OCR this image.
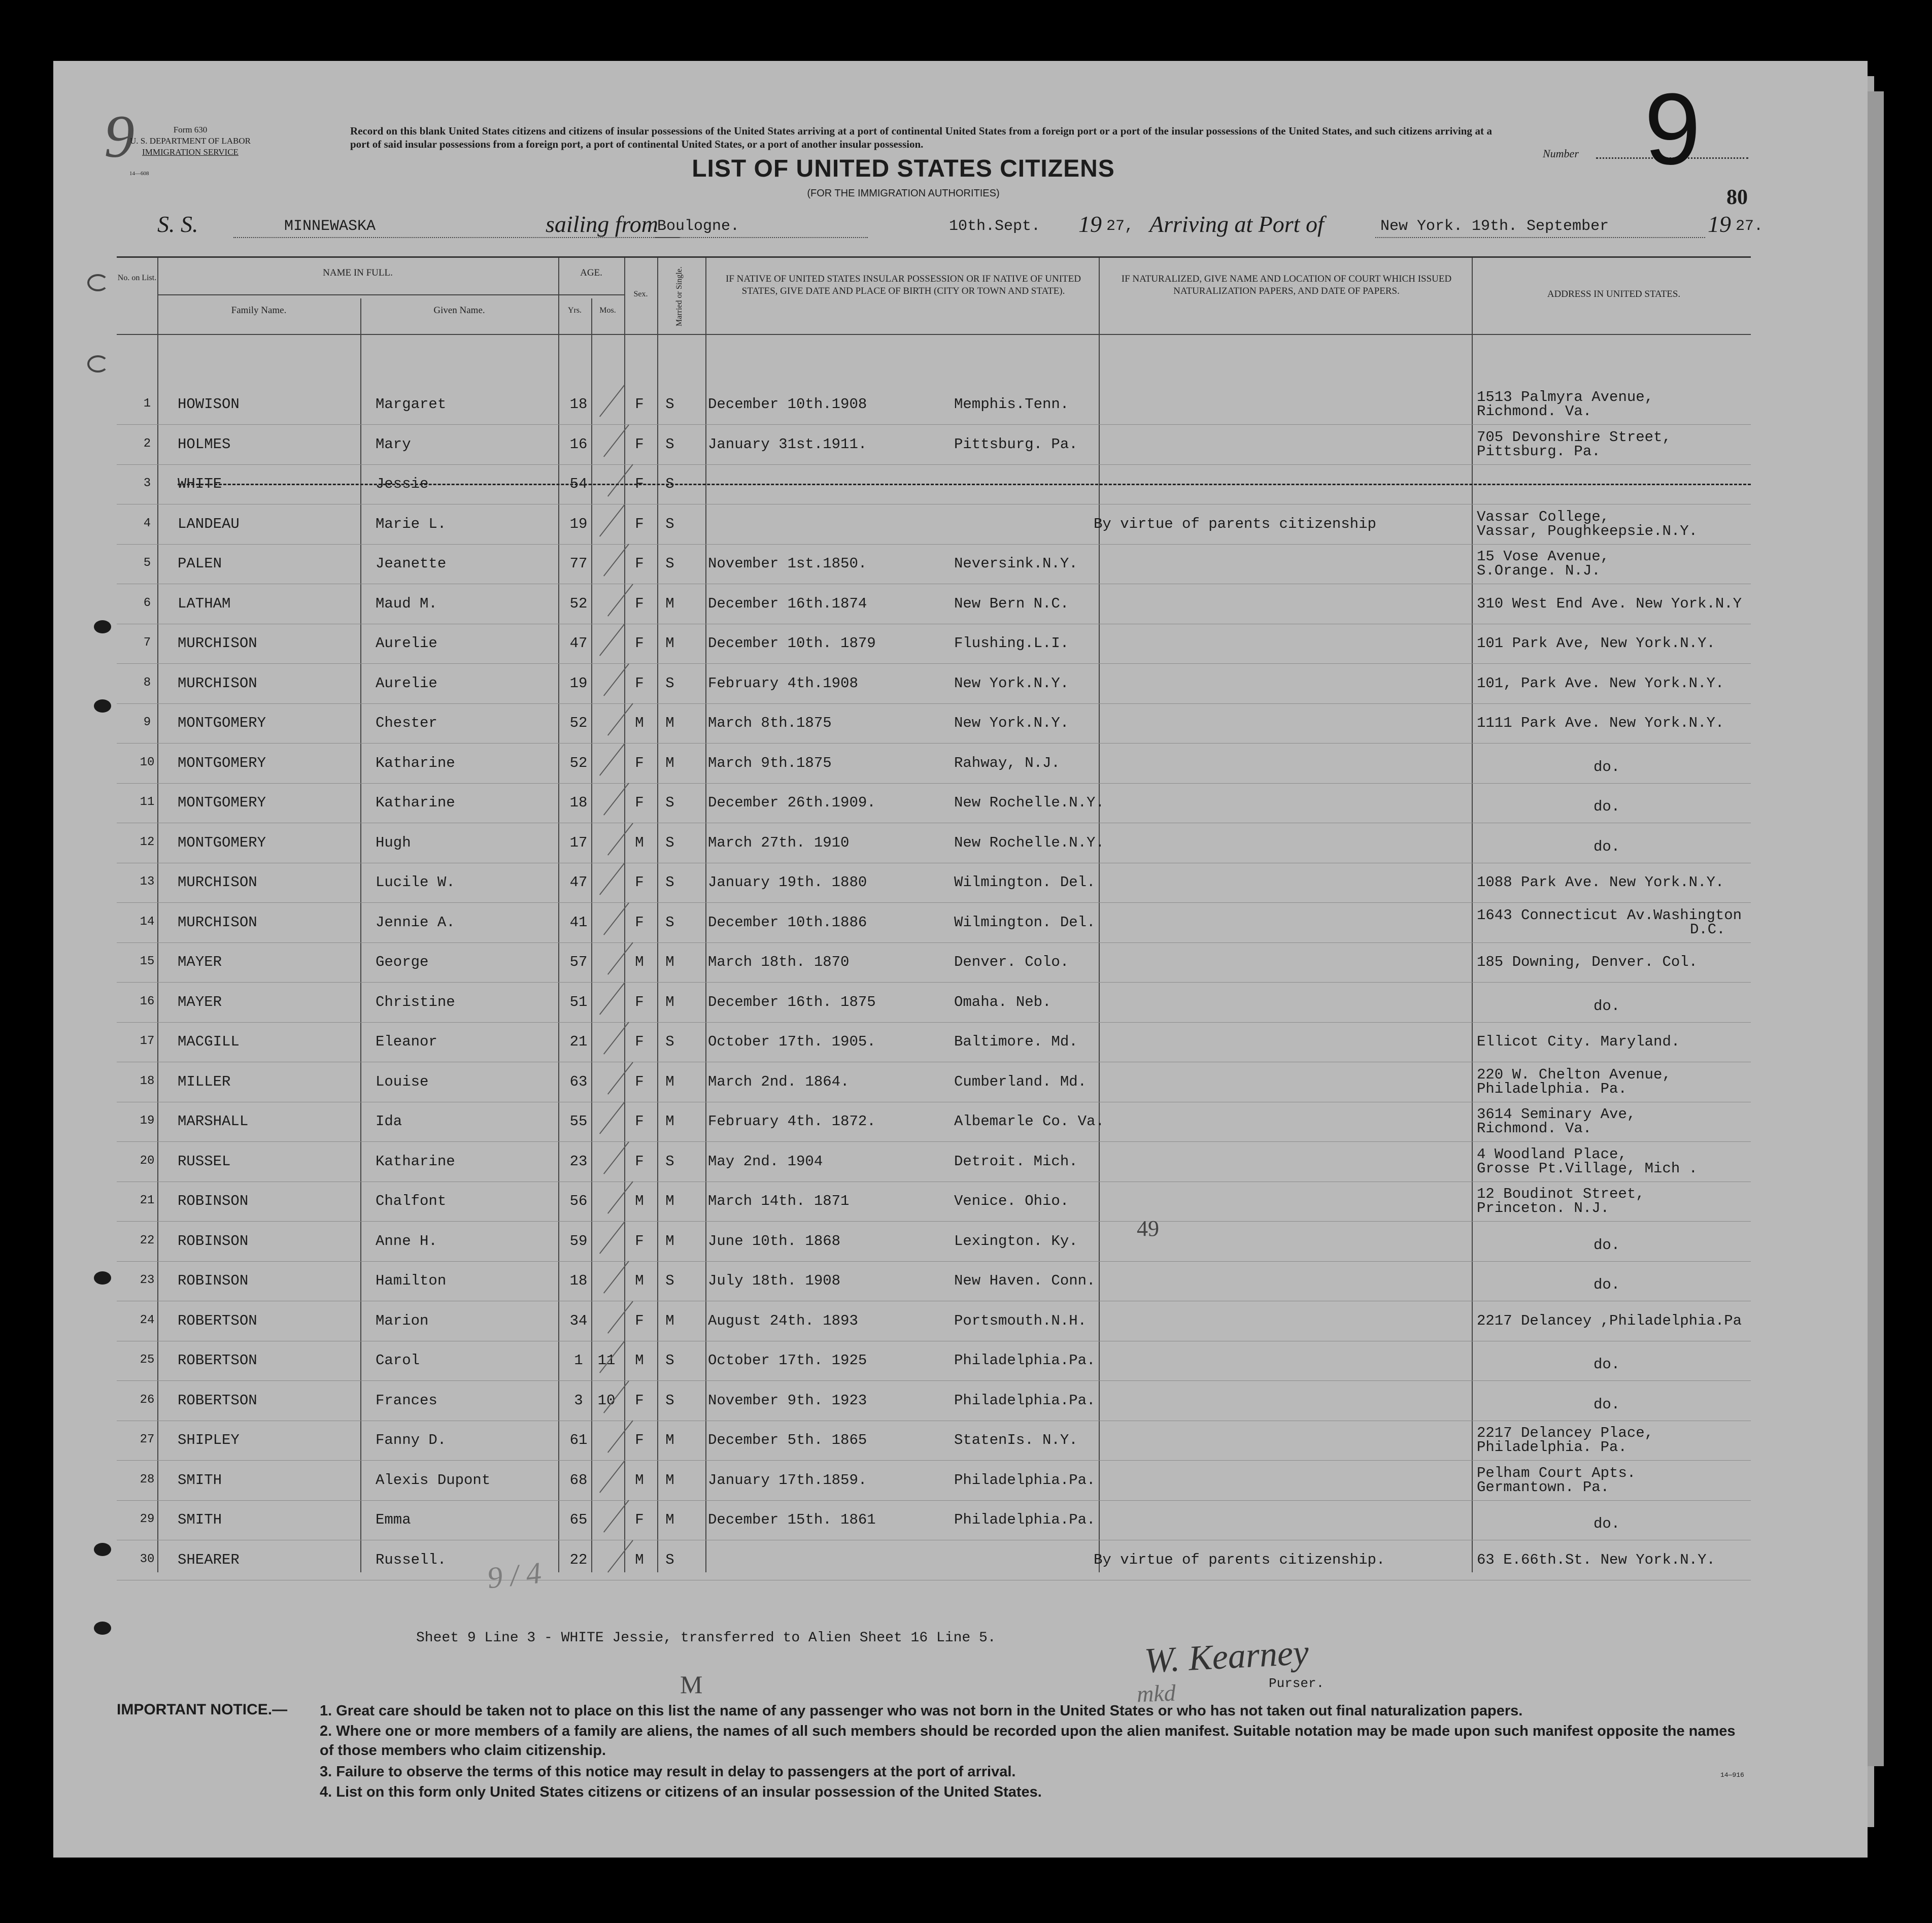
9	Form 630
U. S. DEPARTMENT OF LABOR
IMMIGRATION SERVICE
14—608
Record on this blank United States citizens and citizens of insular possessions of the United States arriving at a port of continental United States from a foreign port or a port of the insular possessions of the United States, and such citizens arriving at a port of said insular possessions from a foreign port, a port of continental United States, or a port of another insular possession.
LIST OF UNITED STATES CITIZENS
(FOR THE IMMIGRATION AUTHORITIES)
Number 9
80
S. S.	MINNEWASKA	sailing from
Boulogne.	10th.Sept. 19 27, Arriving at Port of	New York. 19th. September	19 27.
No. on List.	NAME IN FULL.
Family Name.	Given Name.
AGE.
Yrs.	Mos.
Sex.	Married or Single.	IF NATIVE OF UNITED STATES INSULAR POSSESSION OR IF NATIVE OF UNITED STATES, GIVE DATE AND PLACE OF BIRTH (CITY OR TOWN AND STATE).
IF NATURALIZED, GIVE NAME AND LOCATION OF COURT WHICH ISSUED NATURALIZATION PAPERS, AND DATE OF PAPERS.	ADDRESS IN UNITED STATES.
1	HOWISON	Margaret	18	F	S	December 10th.1908	Memphis.Tenn.	1513 Palmyra Avenue,
Richmond. Va.
2	HOLMES	Mary	16	F	S	January 31st.1911.	Pittsburg. Pa.	705 Devonshire Street,
Pittsburg. Pa.
3	WHITE	Jessie	54	F	S
4	LANDEAU	Marie L.	19	F	S	By virtue of parents citizenship	Vassar College,
Vassar, Poughkeepsie.N.Y.
5	PALEN	Jeanette	77	F	S	November 1st.1850.	Neversink.N.Y.	15 Vose Avenue,
S.Orange. N.J.
6	LATHAM	Maud M.	52	F	M	December 16th.1874	New Bern N.C.	310 West End Ave. New York.N.Y
7	MURCHISON	Aurelie	47	F	M	December 10th. 1879	Flushing.L.I.	101 Park Ave, New York.N.Y.
8	MURCHISON	Aurelie	19	F	S	February 4th.1908	New York.N.Y.	101, Park Ave. New York.N.Y.
9	MONTGOMERY	Chester	52	M	M	March 8th.1875	New York.N.Y.	1111 Park Ave. New York.N.Y.
10	MONTGOMERY	Katharine	52	F	M	March 9th.1875	Rahway, N.J.	do.
11	MONTGOMERY	Katharine	18	F	S	December 26th.1909.	New Rochelle.N.Y.	do.
12	MONTGOMERY	Hugh	17	M	S	March 27th. 1910	New Rochelle.N.Y.	do.
13	MURCHISON	Lucile W.	47	F	S	January 19th. 1880	Wilmington. Del.	1088 Park Ave. New York.N.Y.
14	MURCHISON	Jennie A.	41	F	S	December 10th.1886	Wilmington. Del.	1643 Connecticut Av.Washington
D.C.
15	MAYER	George	57	M	M	March 18th. 1870	Denver. Colo.	185 Downing, Denver. Col.
16	MAYER	Christine	51	F	M	December 16th. 1875	Omaha. Neb.	do.
17	MACGILL	Eleanor	21	F	S	October 17th. 1905.	Baltimore. Md.	Ellicot City. Maryland.
18	MILLER	Louise	63	F	M	March 2nd. 1864.	Cumberland. Md.	220 W. Chelton Avenue,
Philadelphia. Pa.
19	MARSHALL	Ida	55	F	M	February 4th. 1872.	Albemarle Co. Va.	3614 Seminary Ave,
Richmond. Va.
20	RUSSEL	Katharine	23	F	S	May 2nd. 1904	Detroit. Mich.	4 Woodland Place,
Grosse Pt.Village, Mich .
21	ROBINSON	Chalfont	56	M	M	March 14th. 1871	Venice. Ohio.	12 Boudinot Street,
Princeton. N.J.
22	ROBINSON	Anne H.	59	F	M	June 10th. 1868	Lexington. Ky.	do.
23	ROBINSON	Hamilton	18	M	S	July 18th. 1908	New Haven. Conn.	do.
24	ROBERTSON	Marion	34	F	M	August 24th. 1893	Portsmouth.N.H.	2217 Delancey ,Philadelphia.Pa
25	ROBERTSON	Carol	1 11	M	S	October 17th. 1925	Philadelphia.Pa.	do.
26	ROBERTSON	Frances	3 10	F	S	November 9th. 1923	Philadelphia.Pa.	do.
27	SHIPLEY	Fanny D.	61	F	M	December 5th. 1865	StatenIs. N.Y.	2217 Delancey Place,
Philadelphia. Pa.
28	SMITH	Alexis Dupont	68	M	M	January 17th.1859.	Philadelphia.Pa.	Pelham Court Apts.
Germantown. Pa.
29	SMITH	Emma	65	F	M	December 15th. 1861	Philadelphia.Pa.	do.
30	SHEARER	Russell.	22	M	S	By virtue of parents citizenship.	63 E.66th.St. New York.N.Y.
49
9 / 4
Sheet 9 Line 3 - WHITE Jessie, transferred to Alien Sheet 16 Line 5.	W. Kearney
Purser.
M	mkd
IMPORTANT NOTICE.— 1. Great care should be taken not to place on this list the name of any passenger who was not born in the United States or who has not taken out final naturalization papers.
2. Where one or more members of a family are aliens, the names of all such members should be recorded upon the alien manifest. Suitable notation may be made upon such manifest opposite the names of those members who claim citizenship.
3. Failure to observe the terms of this notice may result in delay to passengers at the port of arrival.
4. List on this form only United States citizens or citizens of an insular possession of the United States.
14—916
